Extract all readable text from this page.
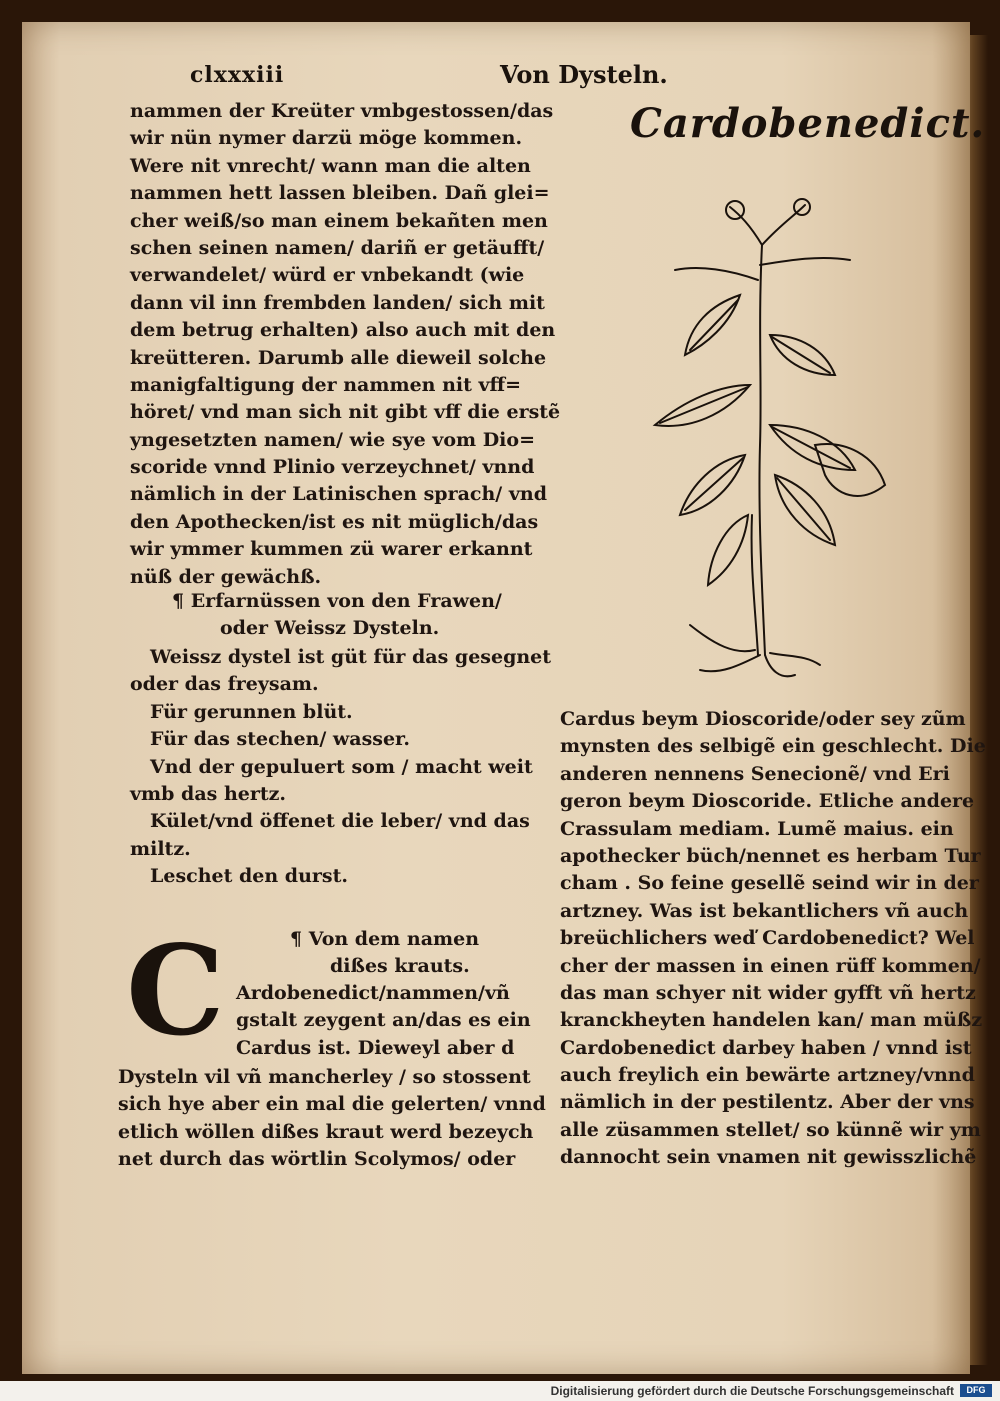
clxxxiii	Von Dysteln.
Cardobenedict.
nammen der Kreüter vmbgestossen/das
wir nün nymer darzü möge kommen.
Were nit vnrecht/ wann man die alten
nammen hett lassen bleiben. Dañ glei=
cher weiß/so man einem bekañten men
schen seinen namen/ dariñ er getäufft/
verwandelet/ würd er vnbekandt (wie
dann vil inn frembden landen/ sich mit
dem betrug erhalten) also auch mit den
kreütteren. Darumb alle dieweil solche
manigfaltigung der nammen nit vff=
höret/ vnd man sich nit gibt vff die erstẽ
yngesetzten namen/ wie sye vom Dio=
scoride vnnd Plinio verzeychnet/ vnnd
nämlich in der Latinischen sprach/ vnd
den Apothecken/ist es nit müglich/das
wir ymmer kummen zü warer erkannt
nüß der gewächß.
¶ Erfarnüssen von den Frawen/
oder Weissz Dysteln.
Weissz dystel ist güt für das gesegnet
oder das freysam.
Für gerunnen blüt.
Für das stechen/ wasser.
Vnd der gepuluert som / macht weit
vmb das hertz.
Kület/vnd öffenet die leber/ vnd das
miltz.
Leschet den durst.
¶ Von dem namen
dißes krauts.
C Ardobenedict/nammen/vñ
gstalt zeygent an/das es ein
Cardus ist. Dieweyl aber d
Dysteln vil vñ mancherley / so stossent
sich hye aber ein mal die gelerten/ vnnd
etlich wöllen dißes kraut werd bezeych
net durch das wörtlin Scolymos/ oder
Cardus beym Dioscoride/oder sey zũm
mynsten des selbigẽ ein geschlecht. Die
anderen nennens Senecionẽ/ vnd Eri
geron beym Dioscoride. Etliche andere
Crassulam mediam. Lumẽ maius. ein
apothecker büch/nennet es herbam Tur
cham . So feine gesellẽ seind wir in der
artzney. Was ist bekantlichers vñ auch
breüchlichers weď Cardobenedict? Wel
cher der massen in einen rüff kommen/
das man schyer nit wider gyfft vñ hertz
kranckheyten handelen kan/ man müßz
Cardobenedict darbey haben / vnnd ist
auch freylich ein bewärte artzney/vnnd
nämlich in der pestilentz. Aber der vns
alle züsammen stellet/ so künnẽ wir ym
dannocht sein vnamen nit gewisszlichẽ
Digitalisierung gefördert durch die Deutsche Forschungsgemeinschaft	DFG
